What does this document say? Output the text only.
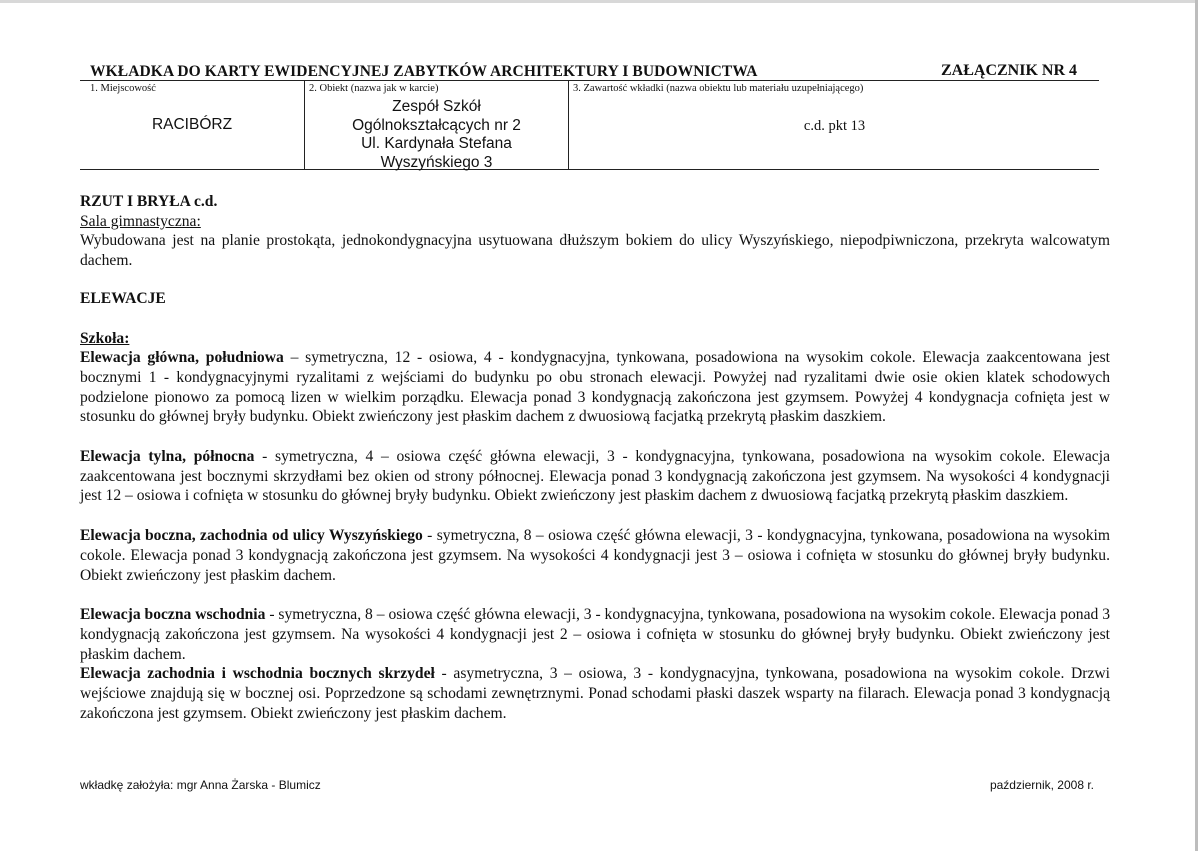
WKŁADKA DO KARTY EWIDENCYJNEJ ZABYTKÓW ARCHITEKTURY I BUDOWNICTWA	ZAŁĄCZNIK NR 4
1. Miejscowość
RACIBÓRZ
2. Obiekt (nazwa jak w karcie)
Zespół Szkół
Ogólnokształcących nr 2
Ul. Kardynała Stefana
Wyszyńskiego 3
3. Zawartość wkładki (nazwa obiektu lub materiału uzupełniającego)
c.d. pkt 13

RZUT I BRYŁA c.d.

Sala gimnastyczna:

Wybudowana jest na planie prostokąta, jednokondygnacyjna usytuowana dłuższym bokiem do ulicy Wyszyńskiego, niepodpiwniczona, przekryta walcowatym dachem.

ELEWACJE

Szkoła:

Elewacja główna, południowa – symetryczna, 12 - osiowa, 4 - kondygnacyjna, tynkowana, posadowiona na wysokim cokole. Elewacja zaakcentowana jest bocznymi 1 - kondygnacyjnymi ryzalitami z wejściami do budynku po obu stronach elewacji. Powyżej nad ryzalitami dwie osie okien klatek schodowych podzielone pionowo za pomocą lizen w wielkim porządku. Elewacja ponad 3 kondygnacją zakończona jest gzymsem. Powyżej 4 kondygnacja cofnięta jest w stosunku do głównej bryły budynku. Obiekt zwieńczony jest płaskim dachem z dwuosiową facjatką przekrytą płaskim daszkiem.

Elewacja tylna, północna - symetryczna, 4 – osiowa część główna elewacji, 3 - kondygnacyjna, tynkowana, posadowiona na wysokim cokole. Elewacja zaakcentowana jest bocznymi skrzydłami bez okien od strony północnej. Elewacja ponad 3 kondygnacją zakończona jest gzymsem. Na wysokości 4 kondygnacji jest 12 – osiowa i cofnięta w stosunku do głównej bryły budynku. Obiekt zwieńczony jest płaskim dachem z dwuosiową facjatką przekrytą płaskim daszkiem.

Elewacja boczna, zachodnia od ulicy Wyszyńskiego - symetryczna, 8 – osiowa część główna elewacji, 3 - kondygnacyjna, tynkowana, posadowiona na wysokim cokole. Elewacja ponad 3 kondygnacją zakończona jest gzymsem. Na wysokości 4 kondygnacji jest 3 – osiowa i cofnięta w stosunku do głównej bryły budynku. Obiekt zwieńczony jest płaskim dachem.

Elewacja boczna wschodnia - symetryczna, 8 – osiowa część główna elewacji, 3 - kondygnacyjna, tynkowana, posadowiona na wysokim cokole. Elewacja ponad 3 kondygnacją zakończona jest gzymsem. Na wysokości 4 kondygnacji jest 2 – osiowa i cofnięta w stosunku do głównej bryły budynku. Obiekt zwieńczony jest płaskim dachem.

Elewacja zachodnia i wschodnia bocznych skrzydeł - asymetryczna, 3 – osiowa, 3 - kondygnacyjna, tynkowana, posadowiona na wysokim cokole. Drzwi wejściowe znajdują się w bocznej osi. Poprzedzone są schodami zewnętrznymi. Ponad schodami płaski daszek wsparty na filarach. Elewacja ponad 3 kondygnacją zakończona jest gzymsem. Obiekt zwieńczony jest płaskim dachem.

wkładkę założyła: mgr Anna Żarska - Blumicz	październik, 2008 r.
